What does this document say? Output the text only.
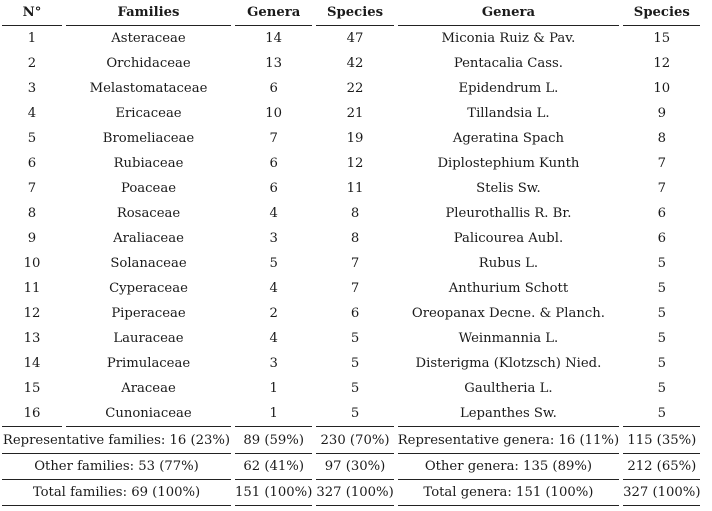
N°	Families	Genera	Species	Genera	Species
1	Asteraceae	14	47	Miconia Ruiz & Pav.	15
2	Orchidaceae	13	42	Pentacalia Cass.	12
3	Melastomataceae	6	22	Epidendrum L.	10
4	Ericaceae	10	21	Tillandsia L.	9
5	Bromeliaceae	7	19	Ageratina Spach	8
6	Rubiaceae	6	12	Diplostephium Kunth	7
7	Poaceae	6	11	Stelis Sw.	7
8	Rosaceae	4	8	Pleurothallis R. Br.	6
9	Araliaceae	3	8	Palicourea Aubl.	6
10	Solanaceae	5	7	Rubus L.	5
11	Cyperaceae	4	7	Anthurium Schott	5
12	Piperaceae	2	6	Oreopanax Decne. & Planch.	5
13	Lauraceae	4	5	Weinmannia L.	5
14	Primulaceae	3	5	Disterigma (Klotzsch) Nied.	5
15	Araceae	1	5	Gaultheria L.	5
16	Cunoniaceae	1	5	Lepanthes Sw.	5
Representative families: 16 (23%)		89 (59%)	230 (70%)	Representative genera: 16 (11%)	115 (35%)
Other families: 53 (77%)		62 (41%)	97 (30%)	Other genera: 135 (89%)	212 (65%)
Total families: 69 (100%)		151 (100%)	327 (100%)	Total genera: 151 (100%)	327 (100%)
